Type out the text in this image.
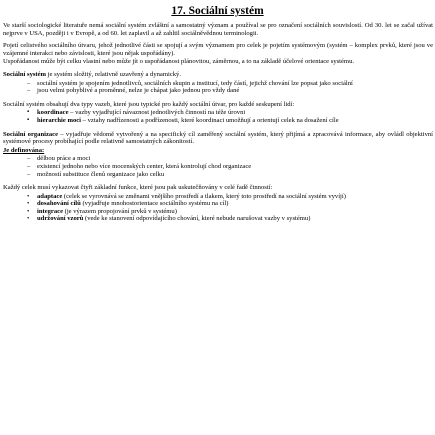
17. Sociální systém

Ve starší sociologické literatuře nemá sociální systém zvláštní a samostatný význam a používal se pro označení sociálních souvislostí. Od 30. let se začal užívat nejprve v USA, později i v Evropě, a od 60. let zaplavil a až zahltil sociálněvědnou terminologii.

Pojetí celistvého sociálního útvaru, jehož jednotlivé části se spojují a svým významem pro celek je pojetím systémovým (systém – komplex prvků, které jsou ve vzájemné interakci nebo závislosti, které jsou nějak uspořádány).

Uspořádanost může být celku vlastní nebo může jít o uspořádanost plánovitou, záměrnou, a to na základě účelové orientace systému.

Sociální systém je systém složitý, relativně uzavřený a dynamický.

– sociální systém je spojením jednotlivců, sociálních skupin a institucí, tedy částí, jejichž chování lze popsat jako sociální
– jsou velmi pohyblivé a proměnné, nelze je chápat jako jednou pro vždy dané

Sociální systém obsahují dva typy vazeb, které jsou typické pro každý sociální útvar, pro každé seskupení lidí:

▪ koordinace – vazby vyjadřující návaznost jednotlivých činností na téže úrovni
▪ hierarchie moci – vztahy nadřízenosti a podřízenosti, které koordinaci umožňují a orientují celek na dosažení cíle

Sociální organizace – vyjadřuje vědomě vytvořený a na specifický cíl zaměřený sociální systém, který přijímá a zpracovává informace, aby ovládl objektivní systémové procesy probíhající podle relativně samostatných zákonitostí.

Je definována:

– dělbou práce a moci
– existencí jednoho nebo více mocenských center, která kontrolují chod organizace
– možností substituce členů organizace jako celku

Každý celek musí vykazovat čtyři základní funkce, které jsou pak uskutečňovány v celé řadě činností:

• adaptace (celek se vyrovnává se změnami vnějšího prostředí a tlakem, který toto prostředí na sociální systém vyvíjí)
• dosahování cílů (vyjadřuje mnohostorientace sociálního systému na cíl)
• integrace (je výrazem propojování prvků v systému)
• udržování vzorů (vede ke stanovení odpovídajícího chování, které nebude narušovat vazby v systému)
